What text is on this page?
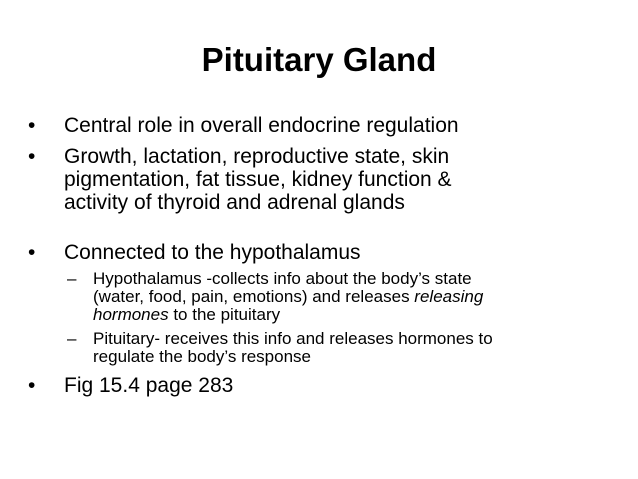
Pituitary Gland
• Central role in overall endocrine regulation
• Growth, lactation, reproductive state, skin
pigmentation, fat tissue, kidney function &
activity of thyroid and adrenal glands
• Connected to the hypothalamus
– Hypothalamus -collects info about the body’s state
(water, food, pain, emotions) and releases releasing
hormones to the pituitary
– Pituitary- receives this info and releases hormones to
regulate the body’s response
• Fig 15.4 page 283
